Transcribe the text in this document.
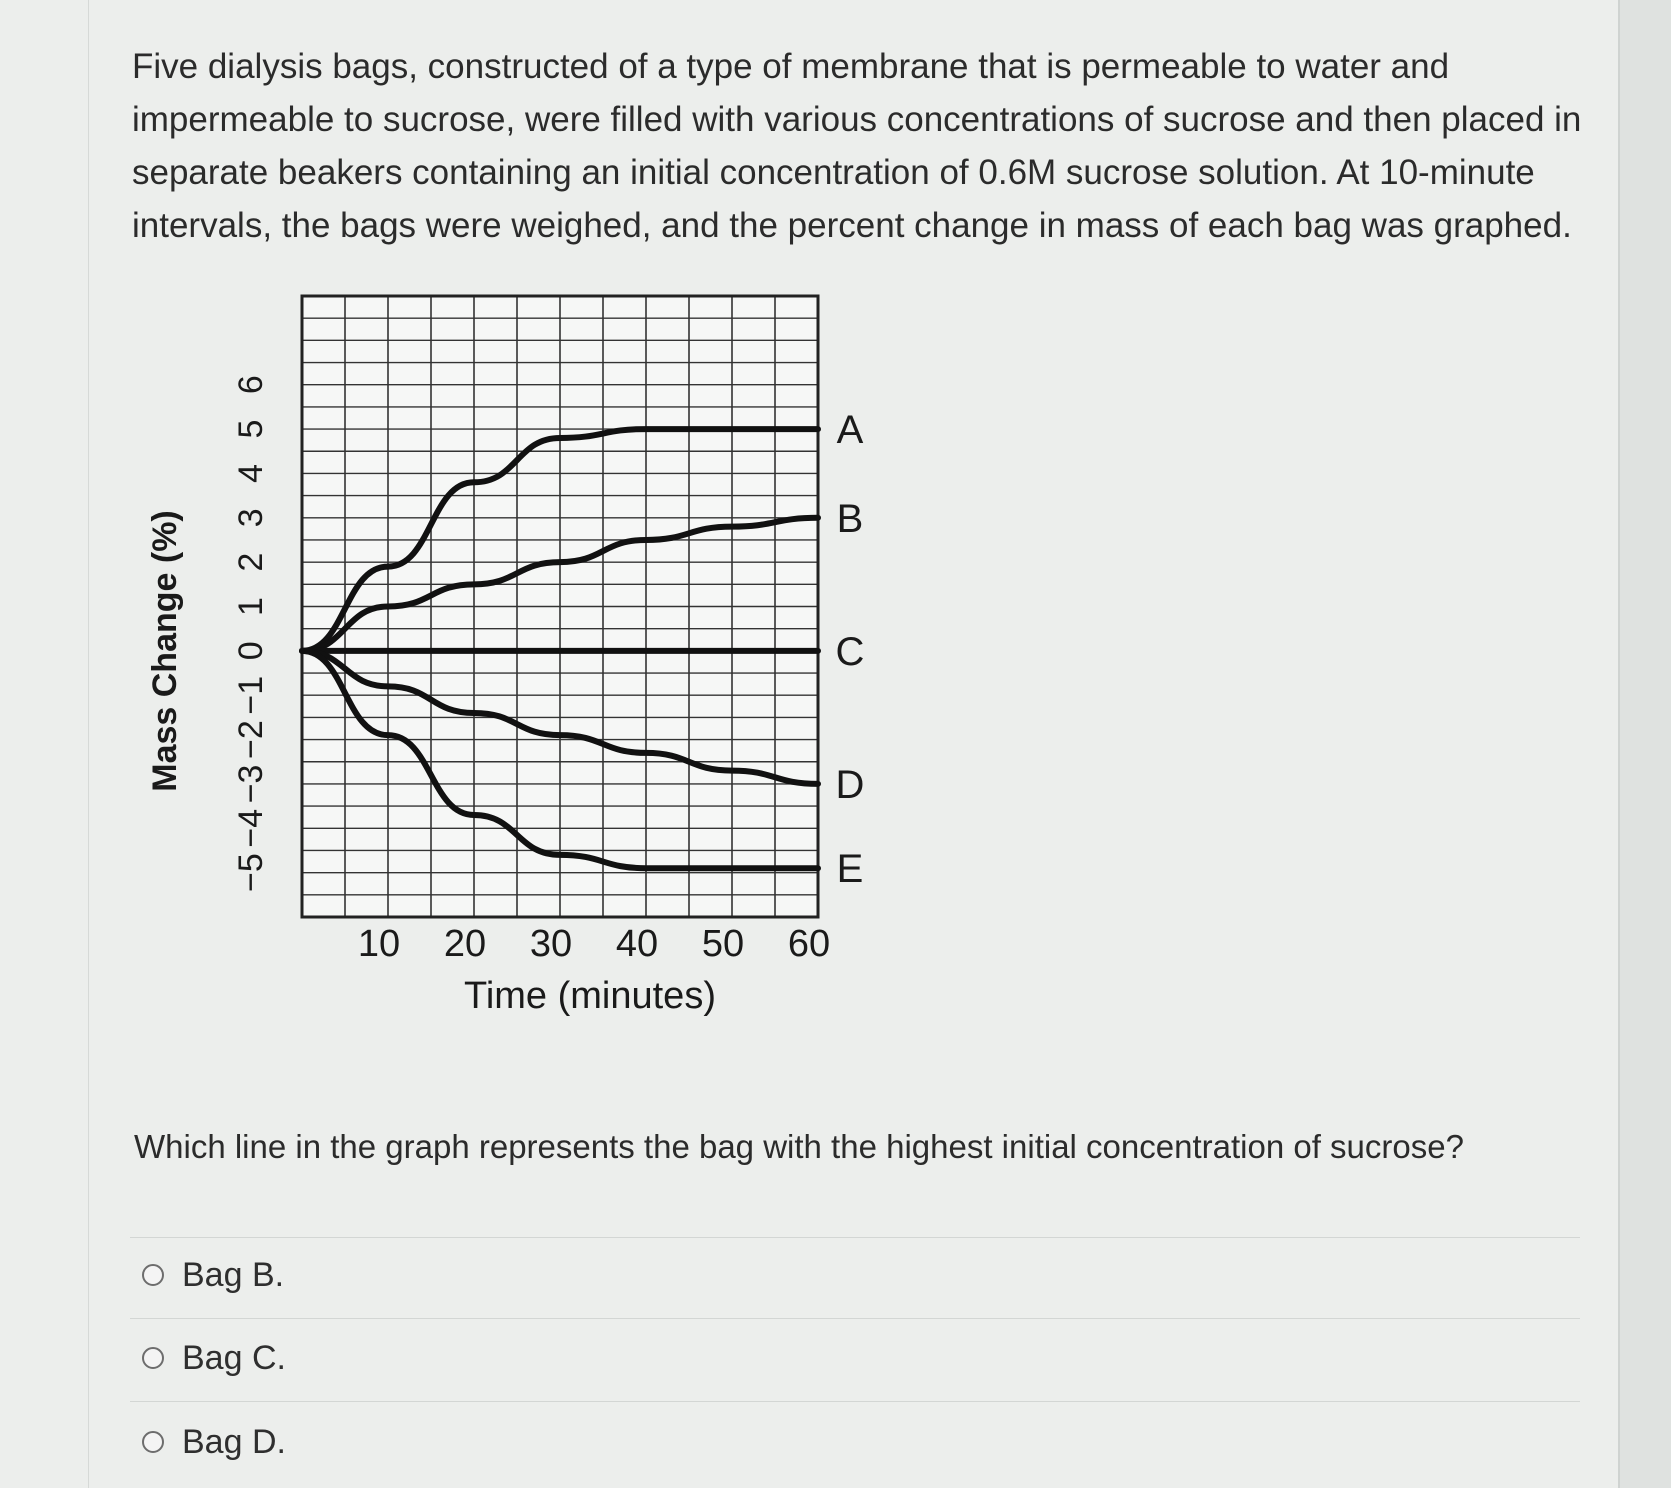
Five dialysis bags, constructed of a type of membrane that is permeable to water and impermeable to sucrose, were filled with various concentrations of sucrose and then placed in separate beakers containing an initial concentration of 0.6M sucrose solution. At 10-minute intervals, the bags were weighed, and the percent change in mass of each bag was graphed.

6
5
4
3
2
1
0
−1
−2
−3
−4
−5
10 20 30 40 50 60
Time (minutes)
Mass Change (%)
A
B
C
D
E

Which line in the graph represents the bag with the highest initial concentration of sucrose?

Bag B.
Bag C.
Bag D.
